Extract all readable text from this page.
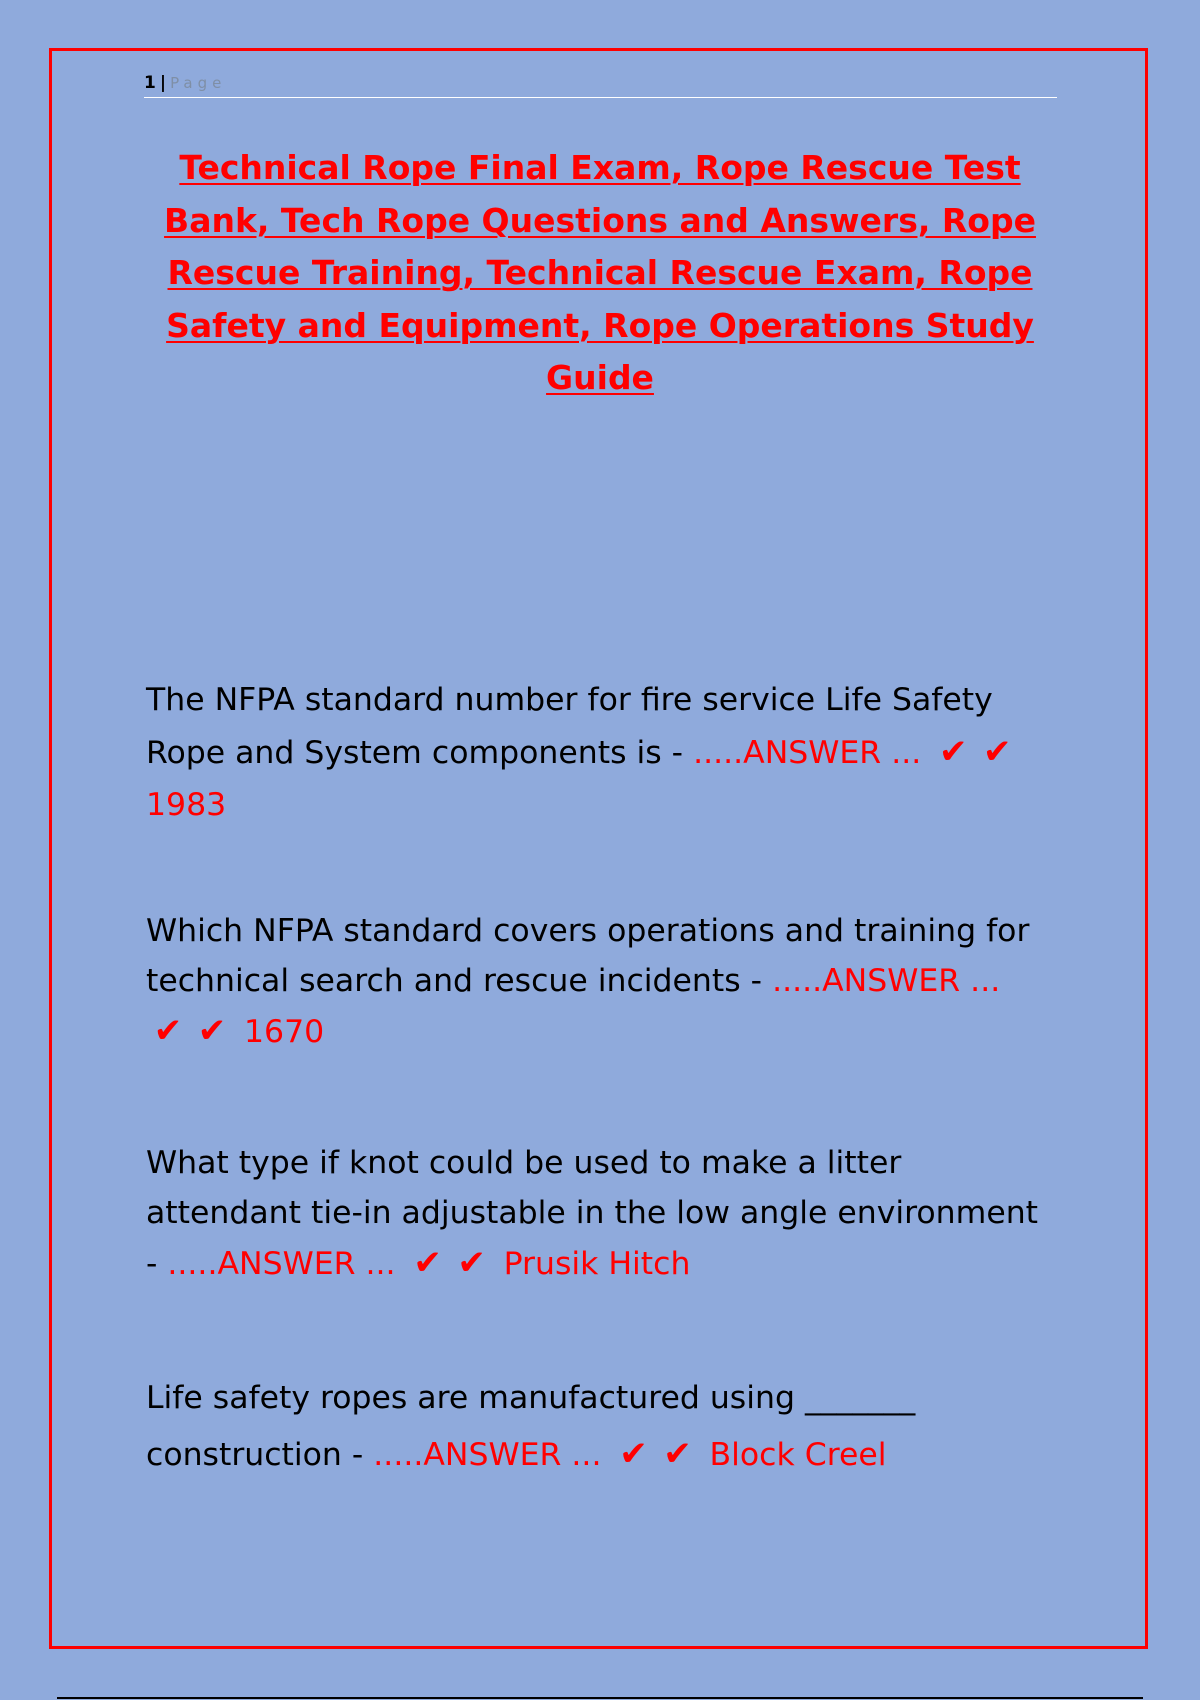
1 | Page
Technical Rope Final Exam, Rope Rescue Test Bank, Tech Rope Questions and Answers, Rope Rescue Training, Technical Rescue Exam, Rope Safety and Equipment, Rope Operations Study Guide
The NFPA standard number for fire service Life Safety Rope and System components is - .....ANSWER ... ✔ ✔ 1983
Which NFPA standard covers operations and training for technical search and rescue incidents - .....ANSWER ... ✔ ✔ 1670
What type if knot could be used to make a litter attendant tie-in adjustable in the low angle environment - .....ANSWER ... ✔ ✔ Prusik Hitch
Life safety ropes are manufactured using _______ construction - .....ANSWER ... ✔ ✔ Block Creel
